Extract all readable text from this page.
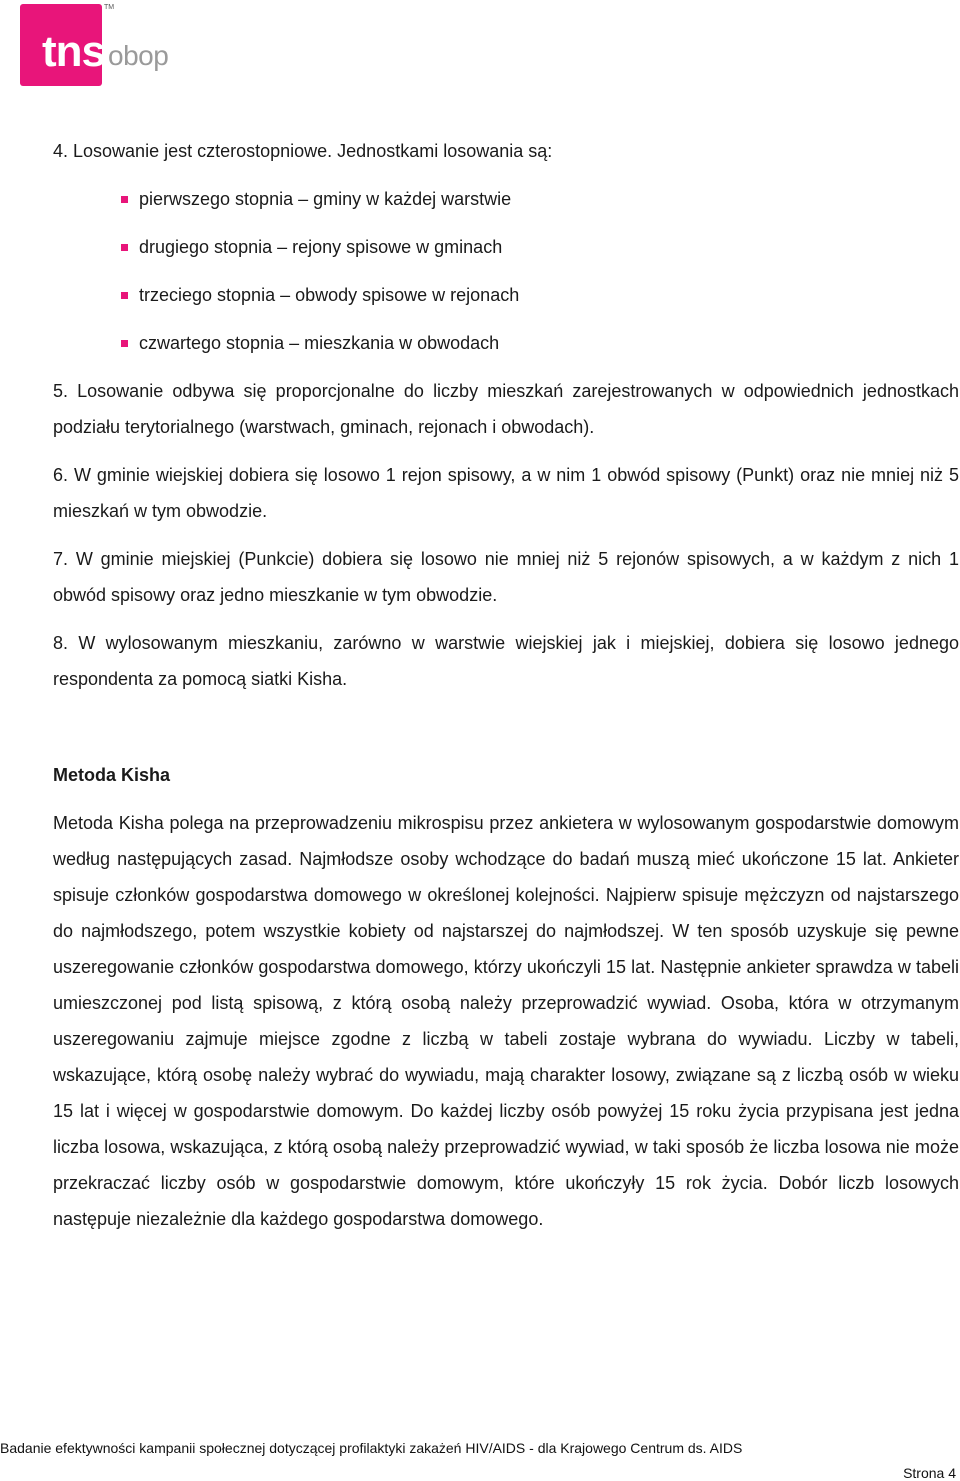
tns
TM
obop

4. Losowanie jest czterostopniowe. Jednostkami losowania są:

pierwszego stopnia – gminy w każdej warstwie
drugiego stopnia – rejony spisowe w gminach
trzeciego stopnia – obwody spisowe w rejonach
czwartego stopnia – mieszkania w obwodach

5. Losowanie odbywa się proporcjonalne do liczby mieszkań zarejestrowanych w odpowiednich jednostkach podziału terytorialnego (warstwach, gminach, rejonach i obwodach).

6. W gminie wiejskiej dobiera się losowo 1 rejon spisowy, a w nim 1 obwód spisowy (Punkt) oraz nie mniej niż 5 mieszkań w tym obwodzie.

7. W gminie miejskiej (Punkcie) dobiera się losowo nie mniej niż 5 rejonów spisowych, a w każdym z nich 1 obwód spisowy oraz jedno mieszkanie w tym obwodzie.

8. W wylosowanym mieszkaniu, zarówno w warstwie wiejskiej jak i miejskiej, dobiera się losowo jednego respondenta za pomocą siatki Kisha.

Metoda Kisha

Metoda Kisha polega na przeprowadzeniu mikrospisu przez ankietera w wylosowanym gospodarstwie domowym według następujących zasad. Najmłodsze osoby wchodzące do badań muszą mieć ukończone 15 lat. Ankieter spisuje członków gospodarstwa domowego w określonej kolejności. Najpierw spisuje mężczyzn od najstarszego do najmłodszego, potem wszystkie kobiety od najstarszej do najmłodszej. W ten sposób uzyskuje się pewne uszeregowanie członków gospodarstwa domowego, którzy ukończyli 15 lat. Następnie ankieter sprawdza w tabeli umieszczonej pod listą spisową, z którą osobą należy przeprowadzić wywiad. Osoba, która w otrzymanym uszeregowaniu zajmuje miejsce zgodne z liczbą w tabeli zostaje wybrana do wywiadu. Liczby w tabeli, wskazujące, którą osobę należy wybrać do wywiadu, mają charakter losowy, związane są z liczbą osób w wieku 15 lat i więcej w gospodarstwie domowym. Do każdej liczby osób powyżej 15 roku życia przypisana jest jedna liczba losowa, wskazująca, z którą osobą należy przeprowadzić wywiad, w taki sposób że liczba losowa nie może przekraczać liczby osób w gospodarstwie domowym, które ukończyły 15 rok życia. Dobór liczb losowych następuje niezależnie dla każdego gospodarstwa domowego.

Badanie efektywności kampanii społecznej dotyczącej profilaktyki zakażeń HIV/AIDS - dla Krajowego Centrum ds. AIDS
Strona 4
